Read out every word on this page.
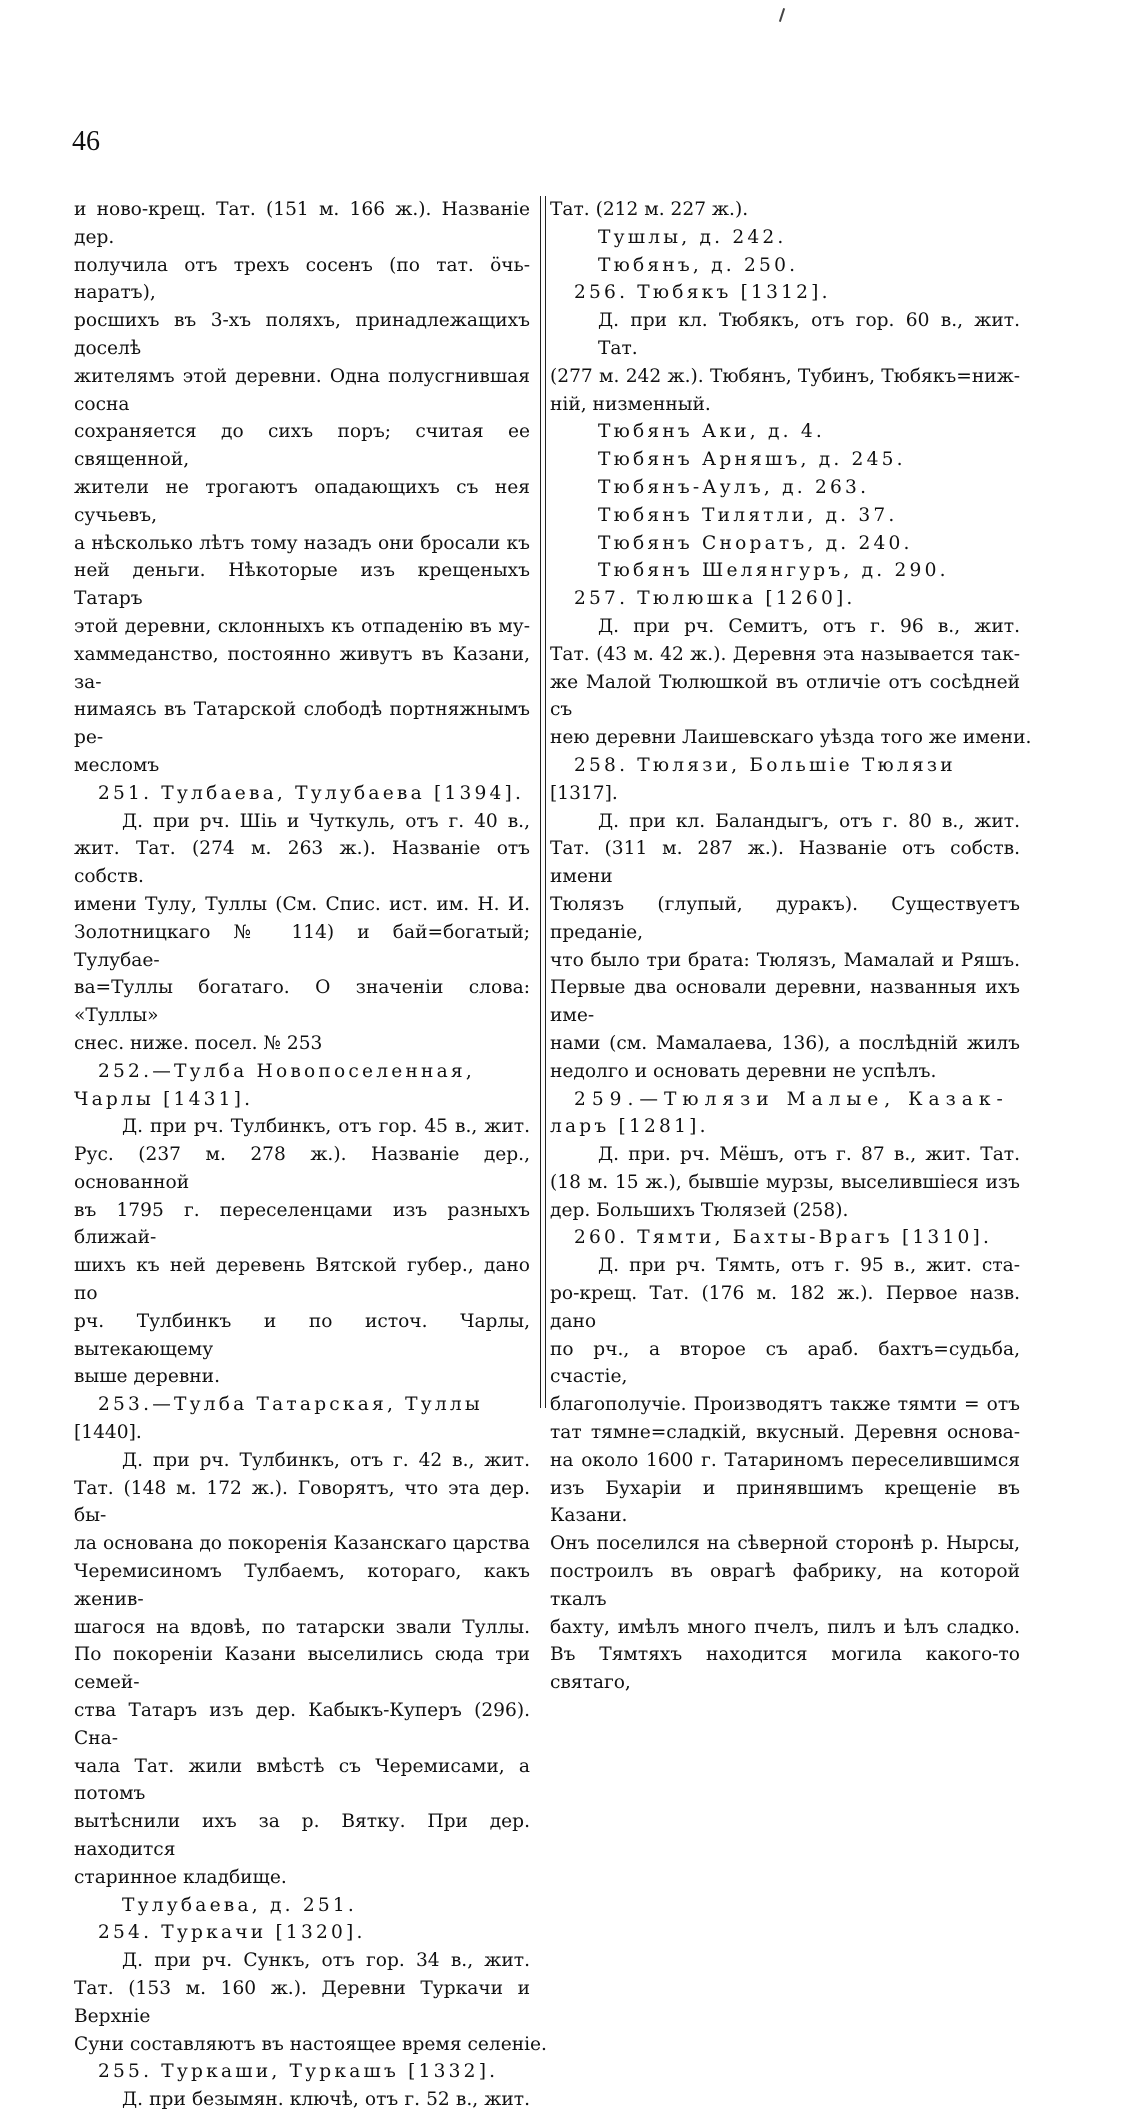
46
и ново-крещ. Тат. (151 м. 166 ж.). Названіе дер.
получила отъ трехъ сосенъ (по тат. öчь-наратъ),
росшихъ въ 3-хъ поляхъ, принадлежащихъ доселѣ
жителямъ этой деревни. Одна полусгнившая сосна
сохраняется до сихъ поръ; считая ее священной,
жители не трогаютъ опадающихъ съ нея сучьевъ,
а нѣсколько лѣтъ тому назадъ они бросали къ
ней деньги. Нѣкоторые изъ крещеныхъ Татаръ
этой деревни, склонныхъ къ отпаденію въ му-
хаммеданство, постоянно живутъ въ Казани, за-
нимаясь въ Татарской слободѣ портняжнымъ ре-
месломъ
251. Тулбаева, Тулубаева [1394].
Д. при рч. Шіь и Чуткуль, отъ г. 40 в.,
жит. Тат. (274 м. 263 ж.). Названіе отъ собств.
имени Тулу, Туллы (См. Спис. ист. им. Н. И.
Золотницкаго № 114) и бай=богатый; Тулубае-
ва=Туллы богатаго. О значеніи слова: «Туллы»
снес. ниже. посел. № 253
252.—Тулба Новопоселенная,
Чарлы [1431].
Д. при рч. Тулбинкъ, отъ гор. 45 в., жит.
Рус. (237 м. 278 ж.). Названіе дер., основанной
въ 1795 г. переселенцами изъ разныхъ ближай-
шихъ къ ней деревень Вятской губер., дано по
рч. Тулбинкъ и по источ. Чарлы, вытекающему
выше деревни.
253.—Тулба Татарская, Туллы
[1440].
Д. при рч. Тулбинкъ, отъ г. 42 в., жит.
Тат. (148 м. 172 ж.). Говорятъ, что эта дер. бы-
ла основана до покоренія Казанскаго царства
Черемисиномъ Тулбаемъ, котораго, какъ женив-
шагося на вдовѣ, по татарски звали Туллы.
По покореніи Казани выселились сюда три семей-
ства Татаръ изъ дер. Кабыкъ-Куперъ (296). Сна-
чала Тат. жили вмѣстѣ съ Черемисами, а потомъ
вытѣснили ихъ за р. Вятку. При дер. находится
старинное кладбище.
Тулубаева, д. 251.
254. Туркачи [1320].
Д. при рч. Сункъ, отъ гор. 34 в., жит.
Тат. (153 м. 160 ж.). Деревни Туркачи и Верхніе
Суни составляютъ въ настоящее время селеніе.
255. Туркаши, Туркашъ [1332].
Д. при безымян. ключѣ, отъ г. 52 в., жит.
Тат. (212 м. 227 ж.).
Тушлы, д. 242.
Тюбянъ, д. 250.
256. Тюбякъ [1312].
Д. при кл. Тюбякъ, отъ гор. 60 в., жит. Тат.
(277 м. 242 ж.). Тюбянъ, Тубинъ, Тюбякъ=ниж-
ній, низменный.
Тюбянъ Аки, д. 4.
Тюбянъ Арняшъ, д. 245.
Тюбянъ-Аулъ, д. 263.
Тюбянъ Тилятли, д. 37.
Тюбянъ Сноратъ, д. 240.
Тюбянъ Шелянгуръ, д. 290.
257. Тюлюшка [1260].
Д. при рч. Семитъ, отъ г. 96 в., жит.
Тат. (43 м. 42 ж.). Деревня эта называется так-
же Малой Тюлюшкой въ отличіе отъ сосѣдней съ
нею деревни Лаишевскаго уѣзда того же имени.
258. Тюлязи, Большіе Тюлязи
[1317].
Д. при кл. Баландыгъ, отъ г. 80 в., жит.
Тат. (311 м. 287 ж.). Названіе отъ собств. имени
Тюлязъ (глупый, дуракъ). Существуетъ преданіе,
что было три брата: Тюлязъ, Мамалай и Ряшъ.
Первые два основали деревни, названныя ихъ име-
нами (см. Мамалаева, 136), а послѣдній жилъ
недолго и основать деревни не успѣлъ.
259.—Тюлязи Малые, Казак-
ларъ [1281].
Д. при. рч. Мёшъ, отъ г. 87 в., жит. Тат.
(18 м. 15 ж.), бывшіе мурзы, выселившіеся изъ
дер. Большихъ Тюлязей (258).
260. Тямти, Бахты-Врагъ [1310].
Д. при рч. Тямть, отъ г. 95 в., жит. ста-
ро-крещ. Тат. (176 м. 182 ж.). Первое назв. дано
по рч., а второе съ араб. бахтъ=судьба, счастіе,
благополучіе. Производятъ также тямти = отъ
тат тямне=сладкій, вкусный. Деревня основа-
на около 1600 г. Татариномъ переселившимся
изъ Бухаріи и принявшимъ крещеніе въ Казани.
Онъ поселился на сѣверной сторонѣ р. Ныpсы,
построилъ въ оврагѣ фабрику, на которой ткалъ
бахту, имѣлъ много пчелъ, пилъ и ѣлъ сладко.
Въ Тямтяхъ находится могила какого-то святаго,
